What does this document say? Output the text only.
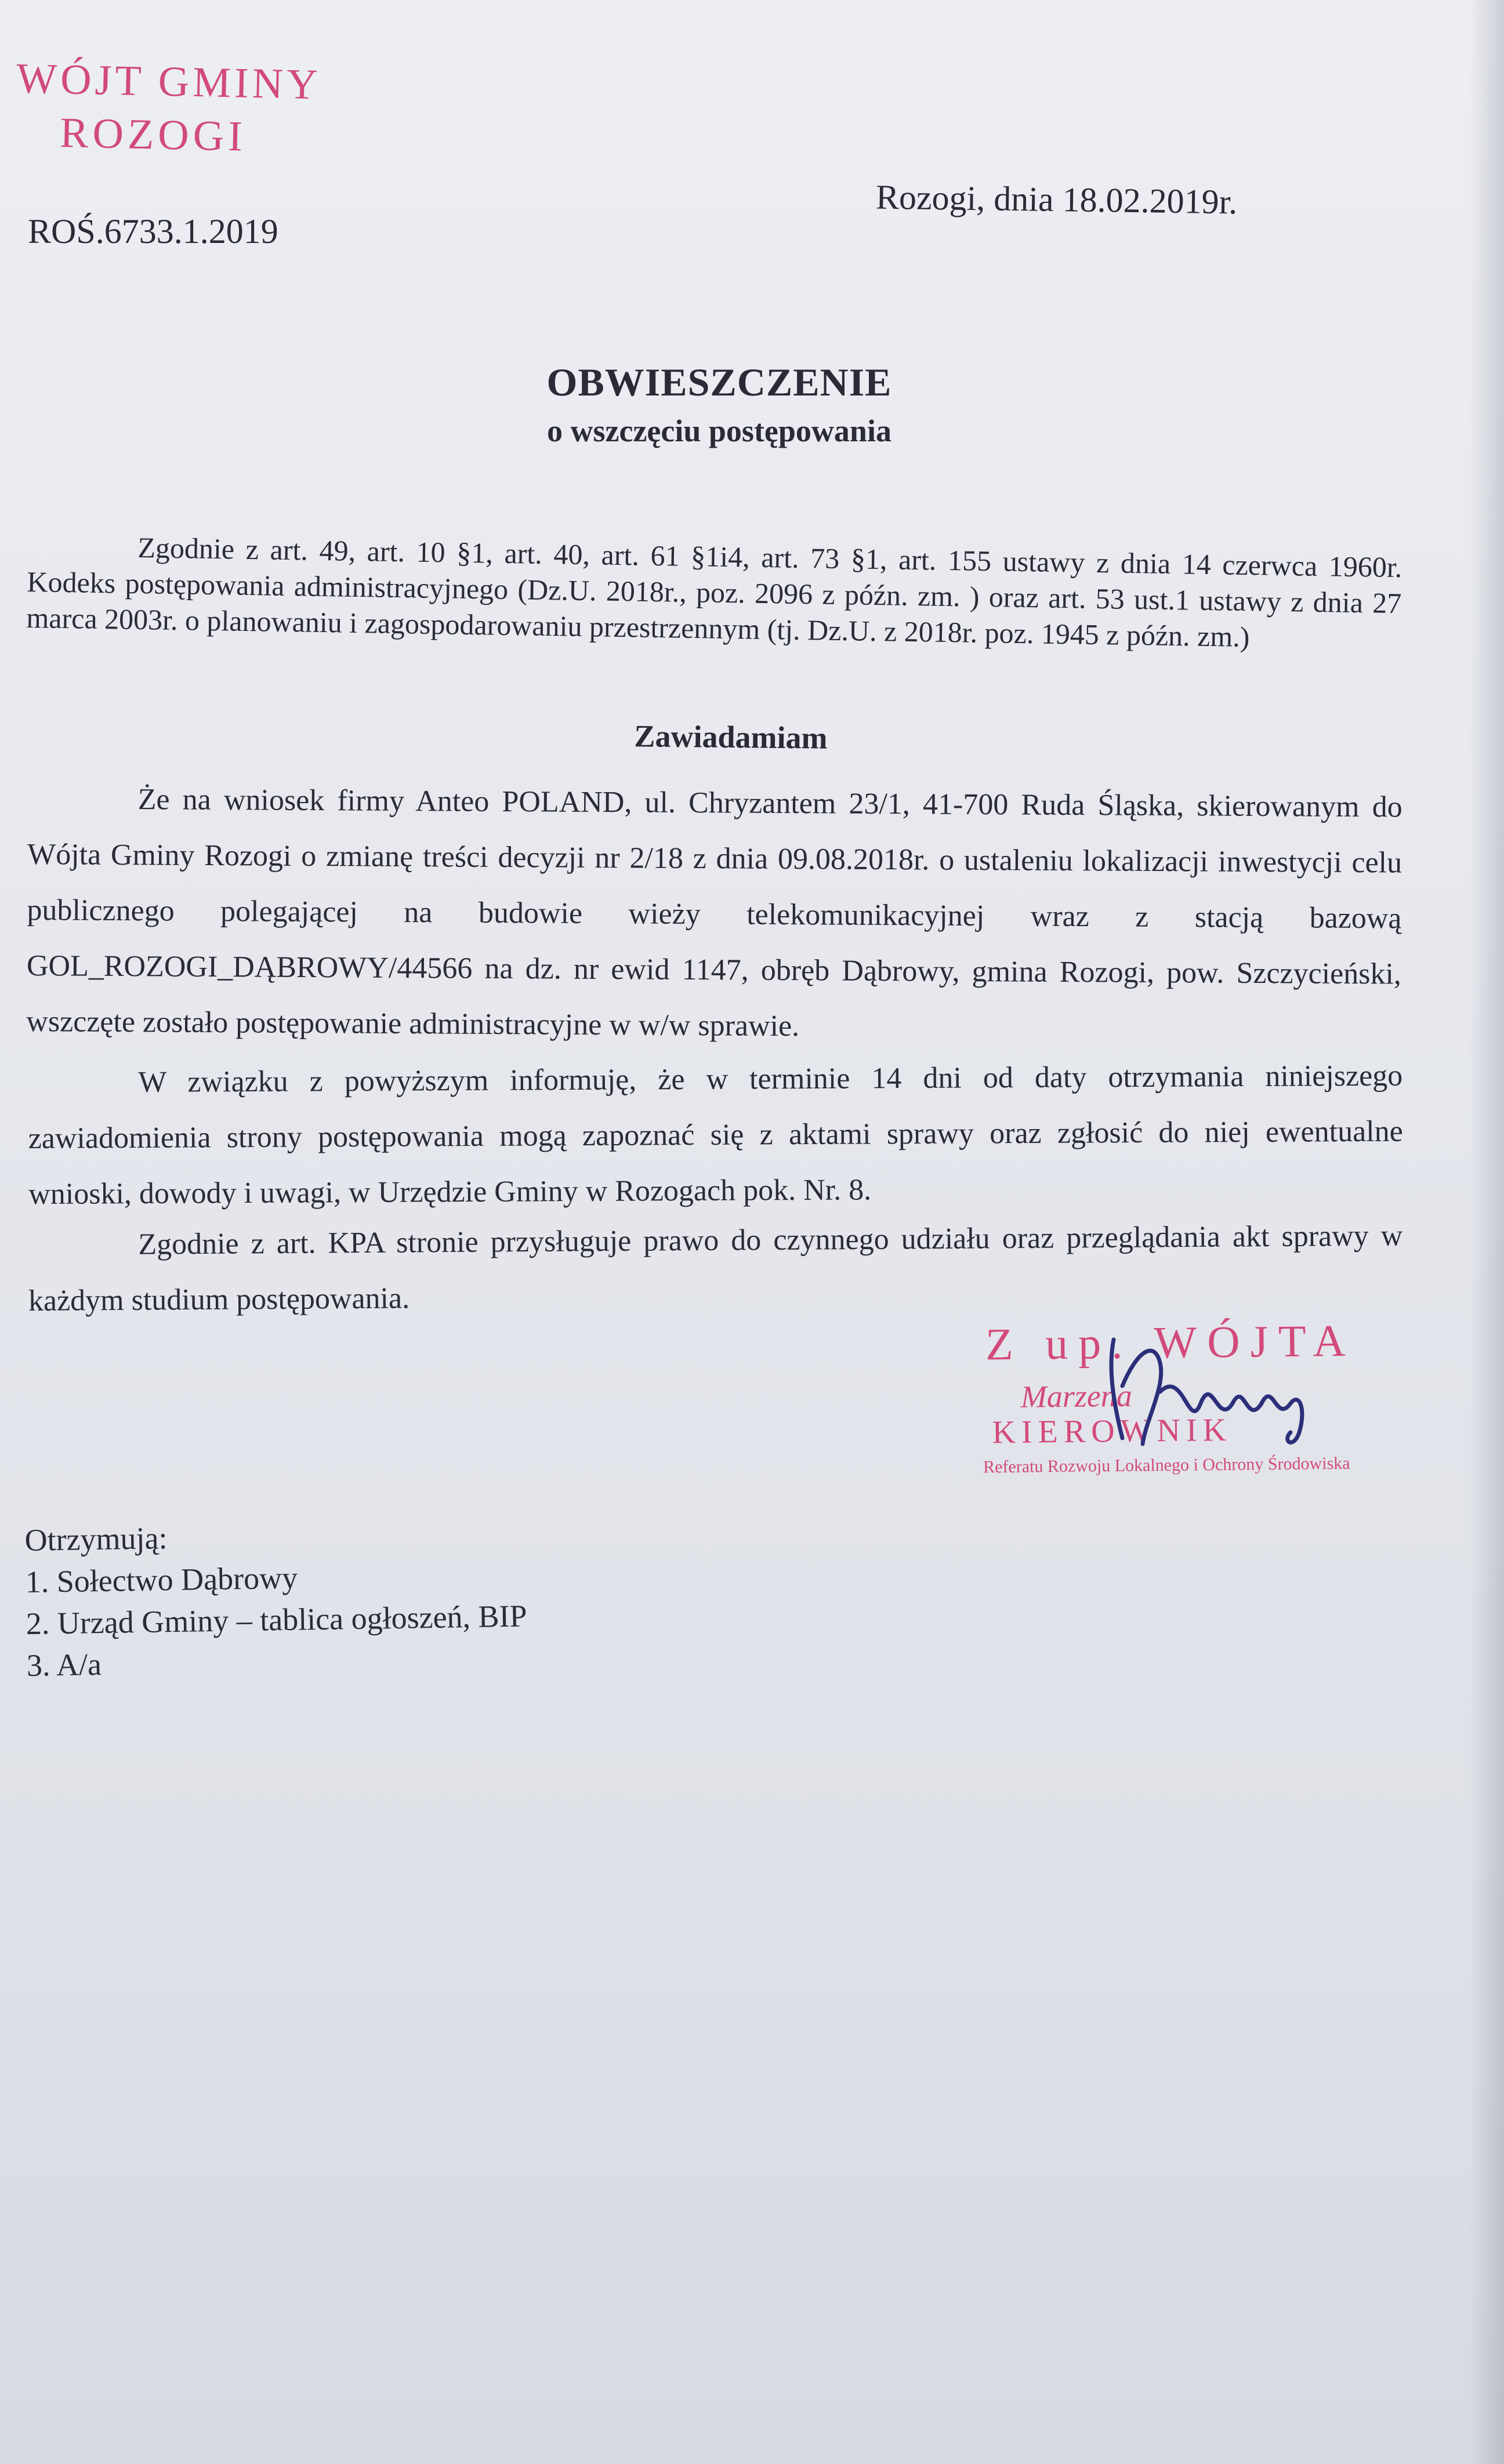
WÓJT GMINY
ROZOGI
ROŚ.6733.1.2019
Rozogi, dnia 18.02.2019r.
OBWIESZCZENIE
o wszczęciu postępowania
Zgodnie z art. 49, art. 10 §1, art. 40, art. 61 §1i4, art. 73 §1, art. 155 ustawy z dnia 14 czerwca 1960r. Kodeks postępowania administracyjnego (Dz.U. 2018r., poz. 2096 z późn. zm. ) oraz art. 53 ust.1 ustawy z dnia 27 marca 2003r. o planowaniu i zagospodarowaniu przestrzennym (tj. Dz.U. z 2018r. poz. 1945 z późn. zm.)
Zawiadamiam
Że na wniosek firmy Anteo POLAND, ul. Chryzantem 23/1, 41-700 Ruda Śląska, skierowanym do Wójta Gminy Rozogi o zmianę treści decyzji nr 2/18 z dnia 09.08.2018r. o ustaleniu lokalizacji inwestycji celu publicznego polegającej na budowie wieży telekomunikacyjnej wraz z stacją bazową GOL_ROZOGI_DĄBROWY/44566 na dz. nr ewid 1147, obręb Dąbrowy, gmina Rozogi, pow. Szczycieński, wszczęte zostało postępowanie administracyjne w w/w sprawie.
W związku z powyższym informuję, że w terminie 14 dni od daty otrzymania niniejszego zawiadomienia strony postępowania mogą zapoznać się z aktami sprawy oraz zgłosić do niej ewentualne wnioski, dowody i uwagi, w Urzędzie Gminy w Rozogach pok. Nr. 8.
Zgodnie z art. KPA stronie przysługuje prawo do czynnego udziału oraz przeglądania akt sprawy w każdym studium postępowania.
Z up. WÓJTA
Marzena
KIEROWNIK
Referatu Rozwoju Lokalnego i Ochrony Środowiska
Otrzymują:
1. Sołectwo Dąbrowy
2. Urząd Gminy – tablica ogłoszeń, BIP
3. A/a
